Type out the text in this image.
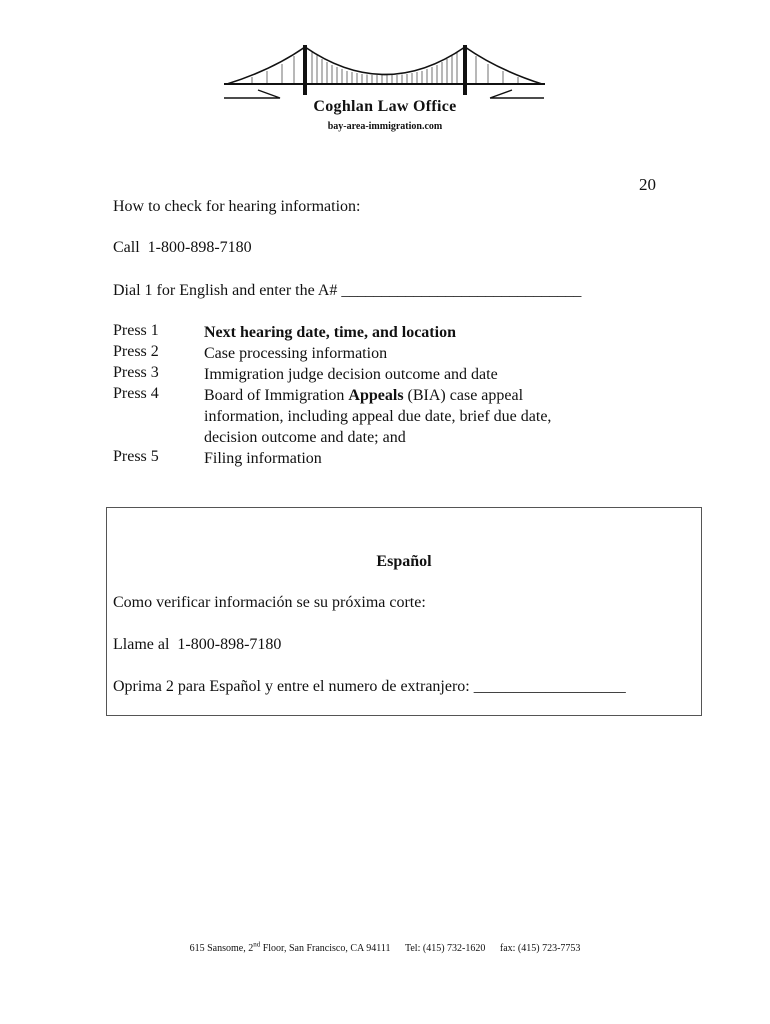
Coghlan Law Office
bay-area-immigration.com
20
How to check for hearing information:
Call 1-800-898-7180
Dial 1 for English and enter the A# ______________________________
Press 1	Next hearing date, time, and location
Press 2	Case processing information
Press 3	Immigration judge decision outcome and date
Press 4	Board of Immigration Appeals (BIA) case appeal information, including appeal due date, brief due date, decision outcome and date; and
Press 5	Filing information
Español
Como verificar información se su próxima corte:
Llame al 1-800-898-7180
Oprima 2 para Español y entre el numero de extranjero: ___________________
615 Sansome, 2nd Floor, San Francisco, CA 94111 Tel: (415) 732-1620 fax: (415) 723-7753
